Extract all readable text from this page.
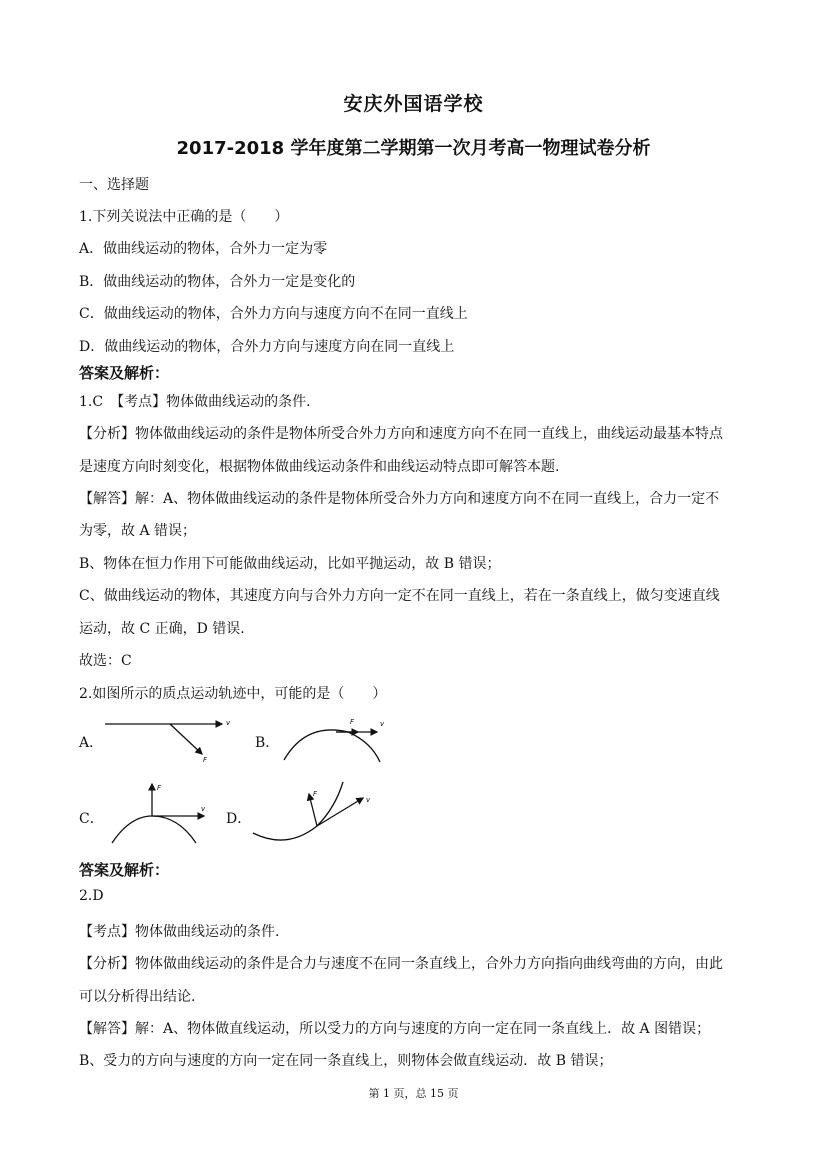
安庆外国语学校
2017-2018 学年度第二学期第一次月考高一物理试卷分析
一、选择题
1.下列关说法中正确的是（　　）
A．做曲线运动的物体，合外力一定为零
B．做曲线运动的物体，合外力一定是变化的
C．做曲线运动的物体，合外力方向与速度方向不在同一直线上
D．做曲线运动的物体，合外力方向与速度方向在同一直线上
答案及解析：
1.C　【考点】物体做曲线运动的条件.
【分析】物体做曲线运动的条件是物体所受合外力方向和速度方向不在同一直线上，曲线运动最基本特点
是速度方向时刻变化，根据物体做曲线运动条件和曲线运动特点即可解答本题.
【解答】解：A、物体做曲线运动的条件是物体所受合外力方向和速度方向不在同一直线上，合力一定不
为零，故 A 错误；
B、物体在恒力作用下可能做曲线运动，比如平抛运动，故 B 错误；
C、做曲线运动的物体，其速度方向与合外力方向一定不在同一直线上，若在一条直线上，做匀变速直线
运动，故 C 正确，D 错误.
故选：C
2.如图所示的质点运动轨迹中，可能的是（　　）
A．
v
F
B．
F	v
C．
F
v
D．
F
v
答案及解析：
2.D
【考点】物体做曲线运动的条件.
【分析】物体做曲线运动的条件是合力与速度不在同一条直线上，合外力方向指向曲线弯曲的方向，由此
可以分析得出结论.
【解答】解：A、物体做直线运动，所以受力的方向与速度的方向一定在同一条直线上．故 A 图错误；
B、受力的方向与速度的方向一定在同一条直线上，则物体会做直线运动．故 B 错误；
第 1 页，总 15 页
